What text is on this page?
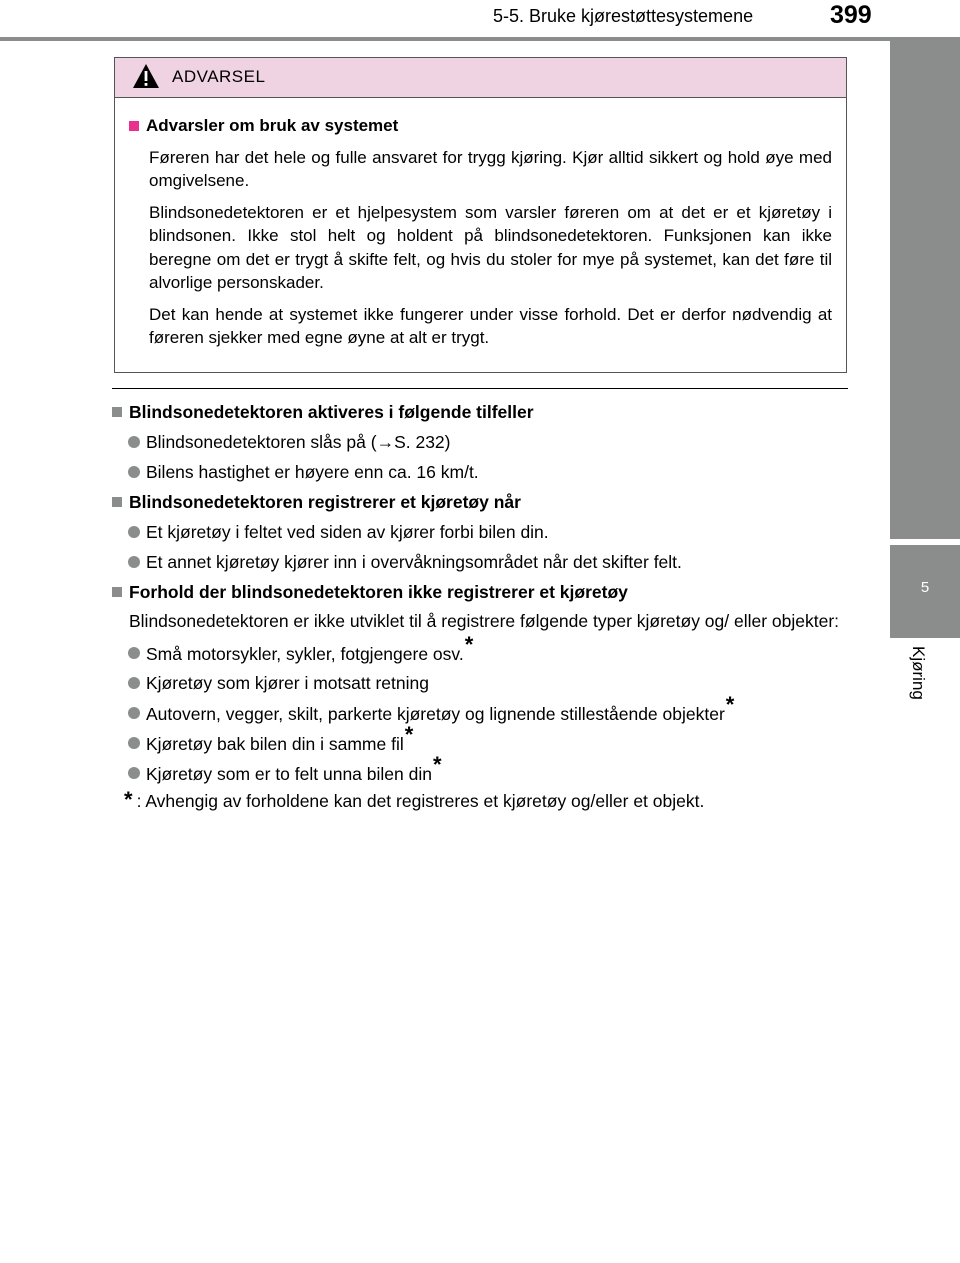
5-5. Bruke kjørestøttesystemene	399
5
Kjøring
ADVARSEL
Advarsler om bruk av systemet

Føreren har det hele og fulle ansvaret for trygg kjøring. Kjør alltid sikkert og hold øye med omgivelsene.

Blindsonedetektoren er et hjelpesystem som varsler føreren om at det er et kjøretøy i blindsonen. Ikke stol helt og holdent på blindsonedetektoren. Funksjonen kan ikke beregne om det er trygt å skifte felt, og hvis du stoler for mye på systemet, kan det føre til alvorlige personskader.

Det kan hende at systemet ikke fungerer under visse forhold. Det er derfor nødvendig at føreren sjekker med egne øyne at alt er trygt.

Blindsonedetektoren aktiveres i følgende tilfeller
Blindsonedetektoren slås på (→S. 232)
Bilens hastighet er høyere enn ca. 16 km/t.
Blindsonedetektoren registrerer et kjøretøy når
Et kjøretøy i feltet ved siden av kjører forbi bilen din.
Et annet kjøretøy kjører inn i overvåkningsområdet når det skifter felt.
Forhold der blindsonedetektoren ikke registrerer et kjøretøy
Blindsonedetektoren er ikke utviklet til å registrere følgende typer kjøretøy og/ eller objekter:
Små motorsykler, sykler, fotgjengere osv.*
Kjøretøy som kjører i motsatt retning
Autovern, vegger, skilt, parkerte kjøretøy og lignende stillestående objekter*
Kjøretøy bak bilen din i samme fil*
Kjøretøy som er to felt unna bilen din*
* : Avhengig av forholdene kan det registreres et kjøretøy og/eller et objekt.
